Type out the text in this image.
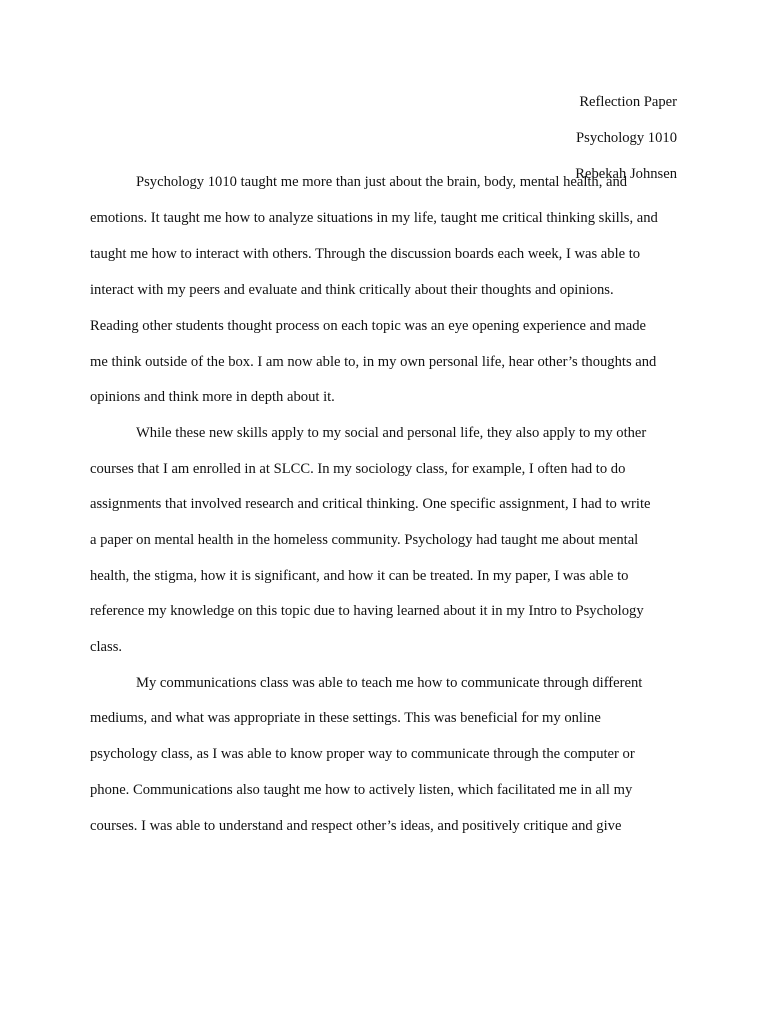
Reflection Paper
Psychology 1010
Rebekah Johnsen
Psychology 1010 taught me more than just about the brain, body, mental health, and
emotions. It taught me how to analyze situations in my life, taught me critical thinking skills, and
taught me how to interact with others. Through the discussion boards each week, I was able to
interact with my peers and evaluate and think critically about their thoughts and opinions.
Reading other students thought process on each topic was an eye opening experience and made
me think outside of the box. I am now able to, in my own personal life, hear other’s thoughts and
opinions and think more in depth about it.
While these new skills apply to my social and personal life, they also apply to my other
courses that I am enrolled in at SLCC. In my sociology class, for example, I often had to do
assignments that involved research and critical thinking. One specific assignment, I had to write
a paper on mental health in the homeless community. Psychology had taught me about mental
health, the stigma, how it is significant, and how it can be treated. In my paper, I was able to
reference my knowledge on this topic due to having learned about it in my Intro to Psychology
class.
My communications class was able to teach me how to communicate through different
mediums, and what was appropriate in these settings. This was beneficial for my online
psychology class, as I was able to know proper way to communicate through the computer or
phone. Communications also taught me how to actively listen, which facilitated me in all my
courses. I was able to understand and respect other’s ideas, and positively critique and give
